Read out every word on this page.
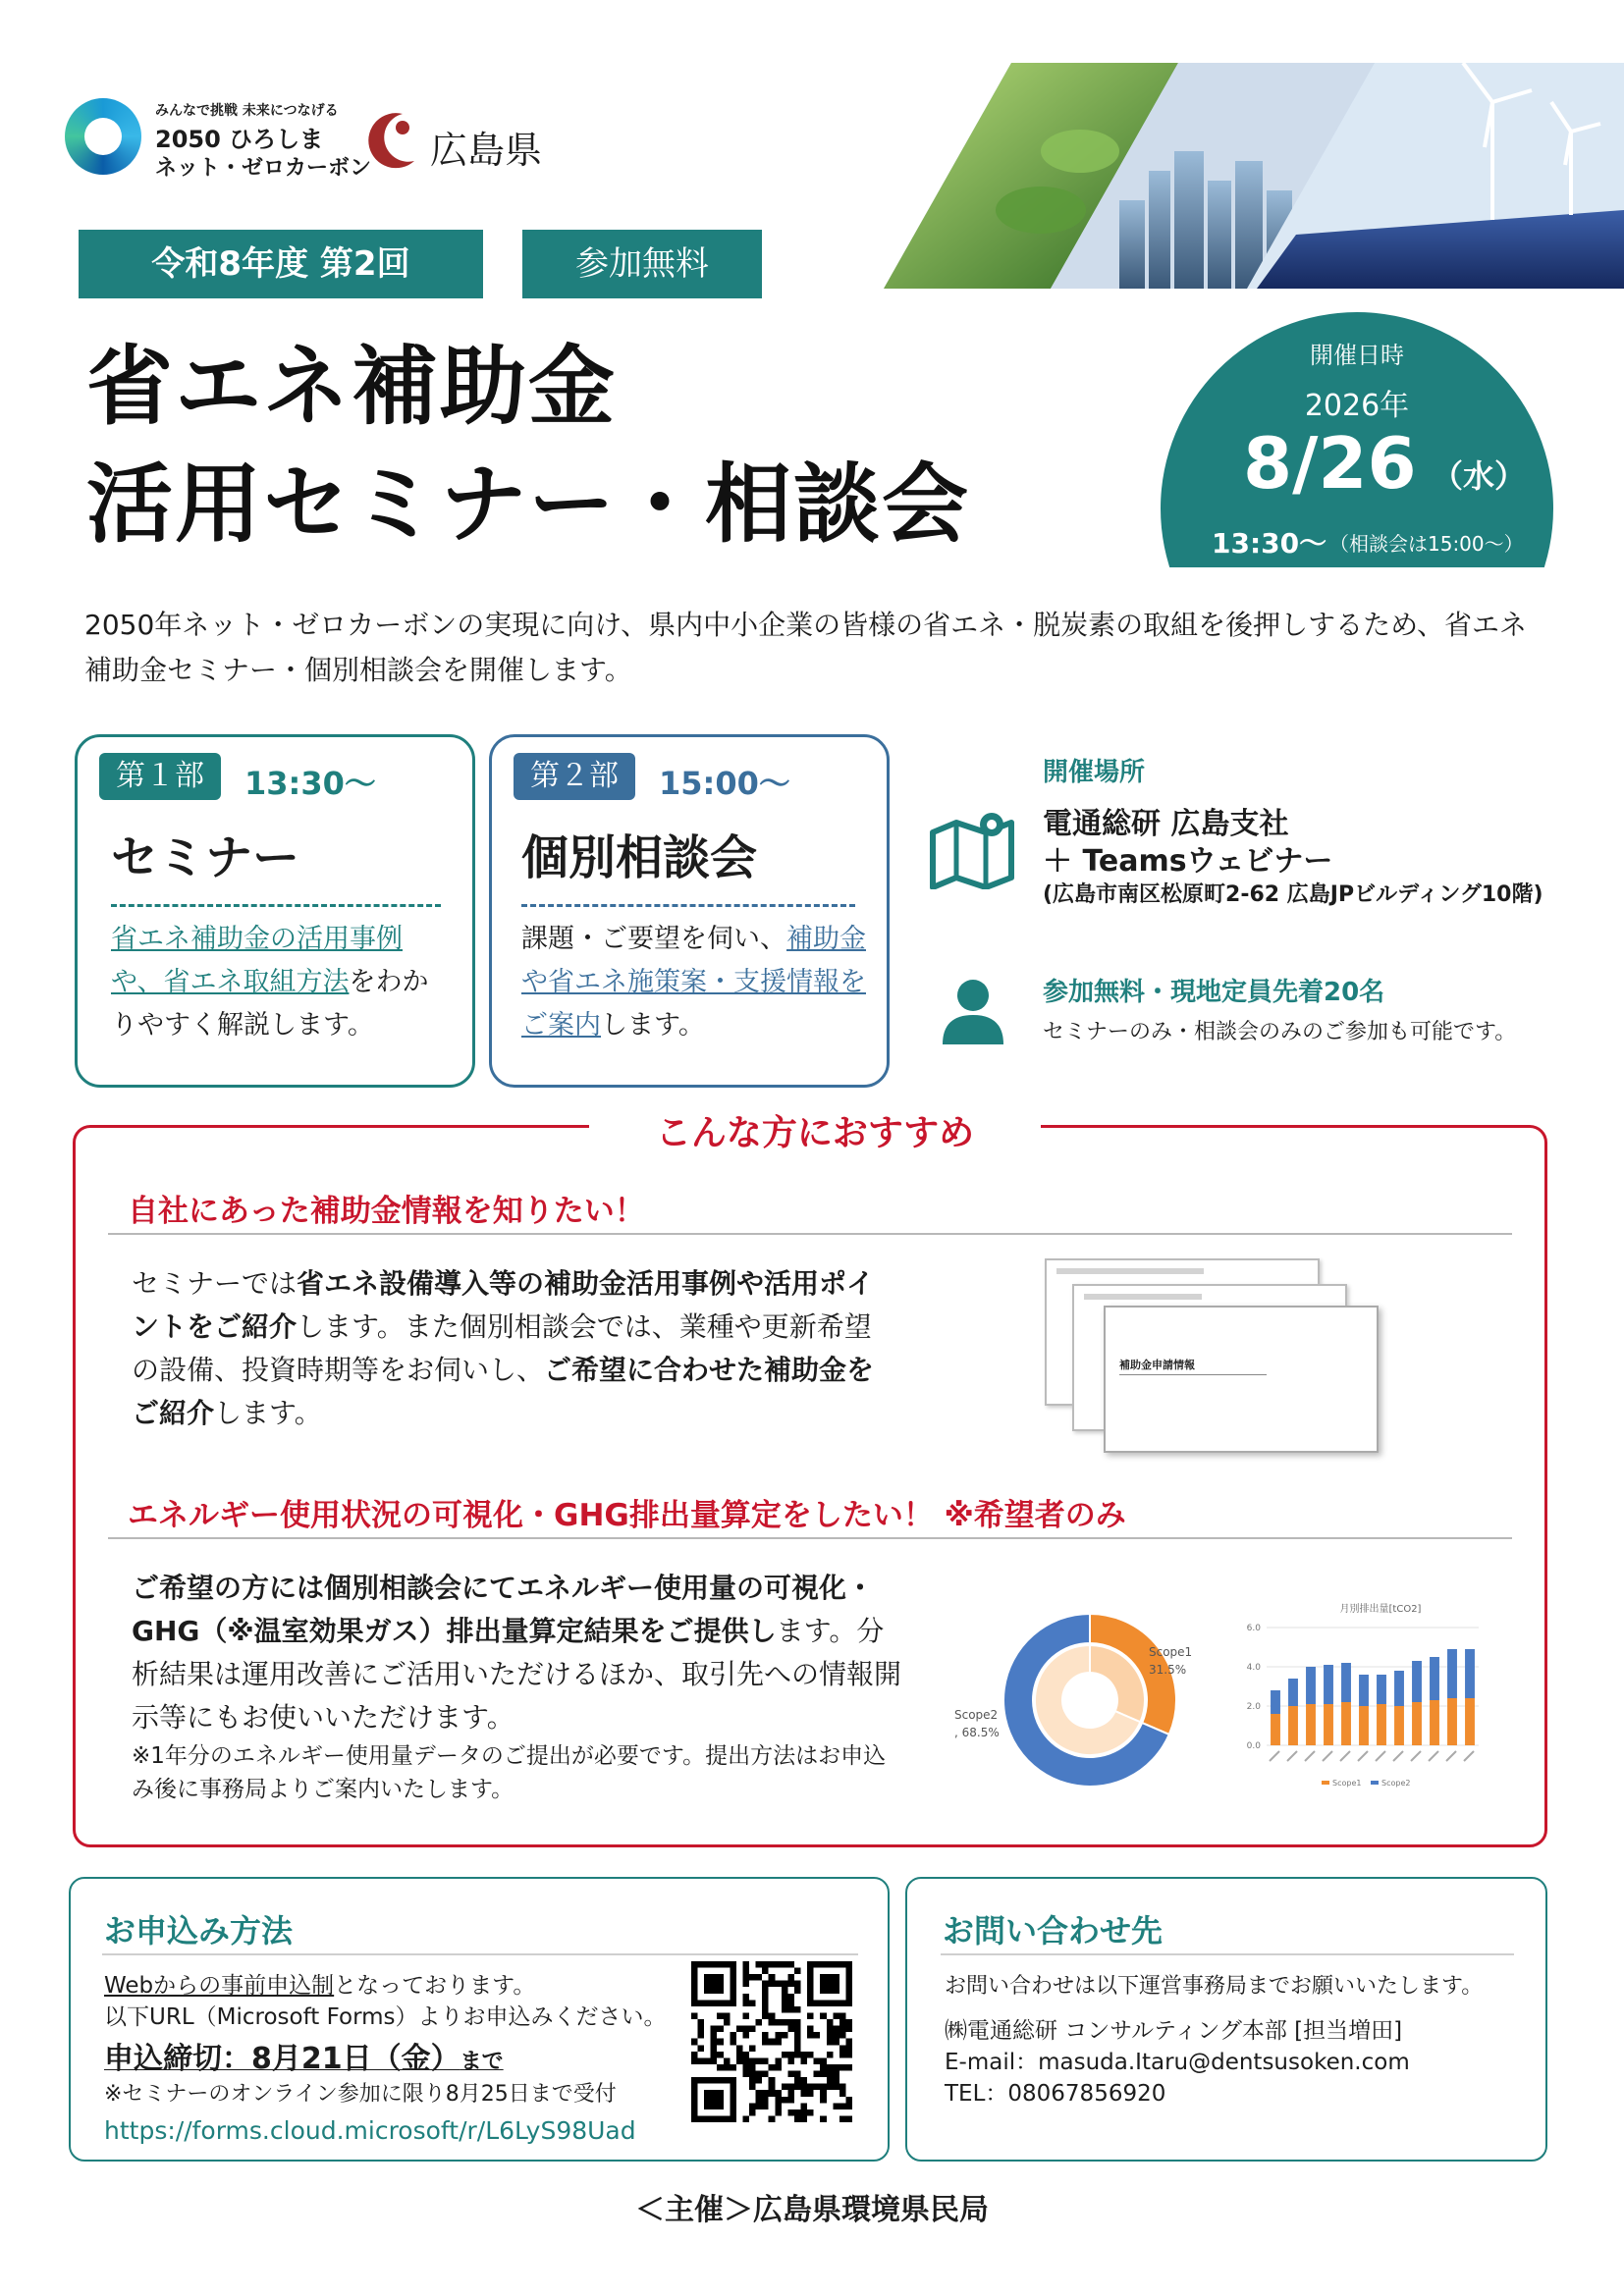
みんなで挑戦 未来につなげる
2050 ひろしま
ネット・ゼロカーボン 広島県
令和8年度 第2回	参加無料
省エネ補助金
活用セミナー・相談会
開催日時
2026年
8/26 （水）
13:30〜 （相談会は15:00〜）
2050年ネット・ゼロカーボンの実現に向け、県内中小企業の皆様の省エネ・脱炭素の取組を後押しするため、省エネ補助金セミナー・個別相談会を開催します。
第１部	13:30〜
セミナー
省エネ補助金の活用事例や、省エネ取組方法をわかりやすく解説します。
第２部	15:00〜
個別相談会
課題・ご要望を伺い、補助金や省エネ施策案・支援情報をご案内します。
開催場所
電通総研 広島支社
＋ Teamsウェビナー
(広島市南区松原町2-62 広島JPビルディング10階)
参加無料・現地定員先着20名
セミナーのみ・相談会のみのご参加も可能です。
こんな方におすすめ
自社にあった補助金情報を知りたい！
セミナーでは省エネ設備導入等の補助金活用事例や活用ポイントをご紹介します。また個別相談会では、業種や更新希望の設備、投資時期等をお伺いし、ご希望に合わせた補助金をご紹介します。
補助金申請情報
エネルギー使用状況の可視化・GHG排出量算定をしたい！ ※希望者のみ
ご希望の方には個別相談会にてエネルギー使用量の可視化・GHG（※温室効果ガス）排出量算定結果をご提供します。分析結果は運用改善にご活用いただけるほか、取引先への情報開示等にもお使いいただけます。
※1年分のエネルギー使用量データのご提出が必要です。提出方法はお申込み後に事務局よりご案内いたします。
Scope1
31.5%
Scope2
, 68.5%
月別排出量[tCO2]
0.0
2.0
4.0
6.0
Scope1	Scope2
お申込み方法
Webからの事前申込制となっております。
以下URL（Microsoft Forms）よりお申込みください。
申込締切：8月21日（金）まで
※セミナーのオンライン参加に限り8月25日まで受付
https://forms.cloud.microsoft/r/L6LyS98Uad
お問い合わせ先
お問い合わせは以下運営事務局までお願いいたします。
㈱電通総研 コンサルティング本部 [担当増田]
E-mail：masuda.Itaru@dentsusoken.com
TEL：08067856920
＜主催＞広島県環境県民局
